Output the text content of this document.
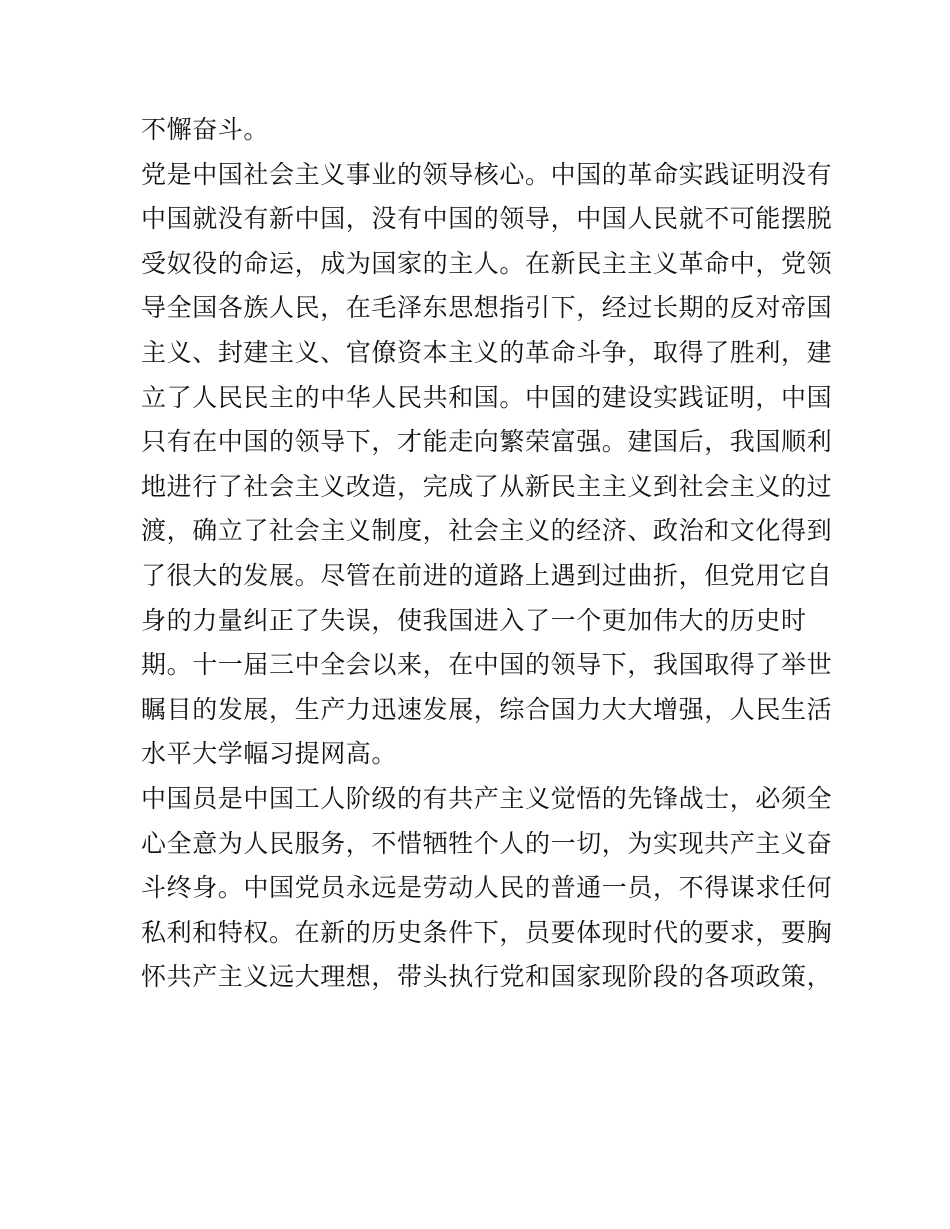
不懈奋斗。
党是中国社会主义事业的领导核心。中国的革命实践证明没有
中国就没有新中国，没有中国的领导，中国人民就不可能摆脱
受奴役的命运，成为国家的主人。在新民主主义革命中，党领
导全国各族人民，在毛泽东思想指引下，经过长期的反对帝国
主义、封建主义、官僚资本主义的革命斗争，取得了胜利，建
立了人民民主的中华人民共和国。中国的建设实践证明，中国
只有在中国的领导下，才能走向繁荣富强。建国后，我国顺利
地进行了社会主义改造，完成了从新民主主义到社会主义的过
渡，确立了社会主义制度，社会主义的经济、政治和文化得到
了很大的发展。尽管在前进的道路上遇到过曲折，但党用它自
身的力量纠正了失误，使我国进入了一个更加伟大的历史时
期。十一届三中全会以来，在中国的领导下，我国取得了举世
瞩目的发展，生产力迅速发展，综合国力大大增强，人民生活
水平大学幅习提网高。
中国员是中国工人阶级的有共产主义觉悟的先锋战士，必须全
心全意为人民服务，不惜牺牲个人的一切，为实现共产主义奋
斗终身。中国党员永远是劳动人民的普通一员，不得谋求任何
私利和特权。在新的历史条件下，员要体现时代的要求，要胸
怀共产主义远大理想，带头执行党和国家现阶段的各项政策，
